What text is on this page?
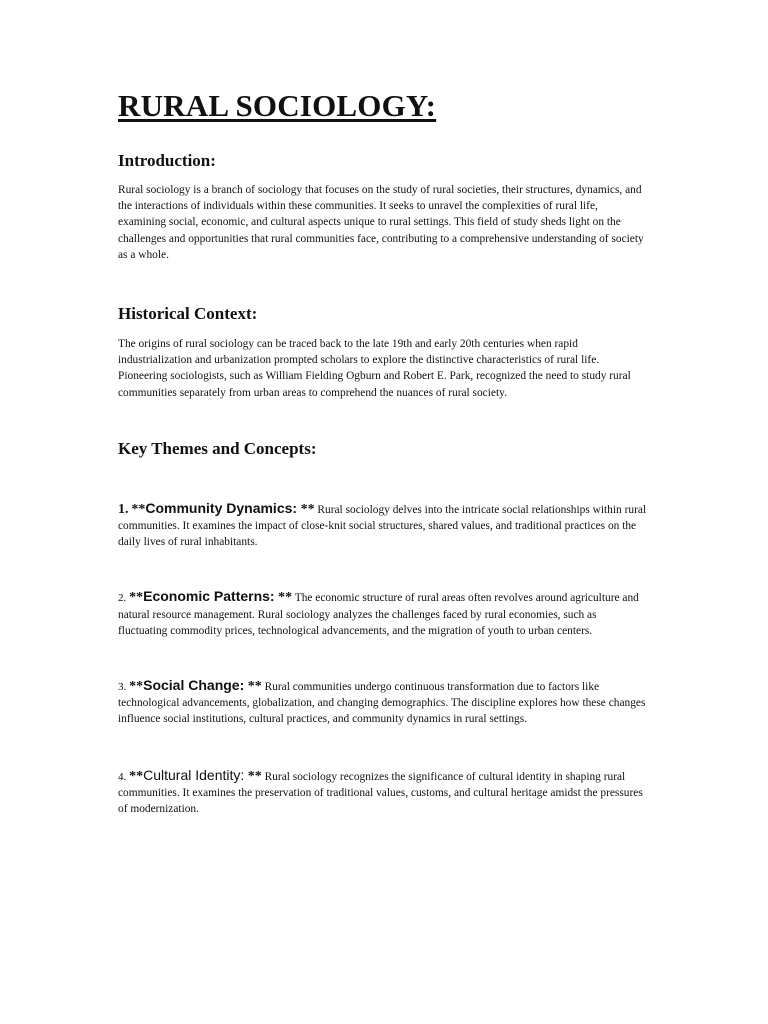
RURAL SOCIOLOGY:
Introduction:

Rural sociology is a branch of sociology that focuses on the study of rural societies, their structures, dynamics, and the interactions of individuals within these communities. It seeks to unravel the complexities of rural life, examining social, economic, and cultural aspects unique to rural settings. This field of study sheds light on the challenges and opportunities that rural communities face, contributing to a comprehensive understanding of society as a whole.

Historical Context:

The origins of rural sociology can be traced back to the late 19th and early 20th centuries when rapid industrialization and urbanization prompted scholars to explore the distinctive characteristics of rural life. Pioneering sociologists, such as William Fielding Ogburn and Robert E. Park, recognized the need to study rural communities separately from urban areas to comprehend the nuances of rural society.

Key Themes and Concepts:

1. **Community Dynamics: ** Rural sociology delves into the intricate social relationships within rural communities. It examines the impact of close-knit social structures, shared values, and traditional practices on the daily lives of rural inhabitants.

2. **Economic Patterns: ** The economic structure of rural areas often revolves around agriculture and natural resource management. Rural sociology analyzes the challenges faced by rural economies, such as fluctuating commodity prices, technological advancements, and the migration of youth to urban centers.

3. **Social Change: ** Rural communities undergo continuous transformation due to factors like technological advancements, globalization, and changing demographics. The discipline explores how these changes influence social institutions, cultural practices, and community dynamics in rural settings.

4. **Cultural Identity: ** Rural sociology recognizes the significance of cultural identity in shaping rural communities. It examines the preservation of traditional values, customs, and cultural heritage amidst the pressures of modernization.
